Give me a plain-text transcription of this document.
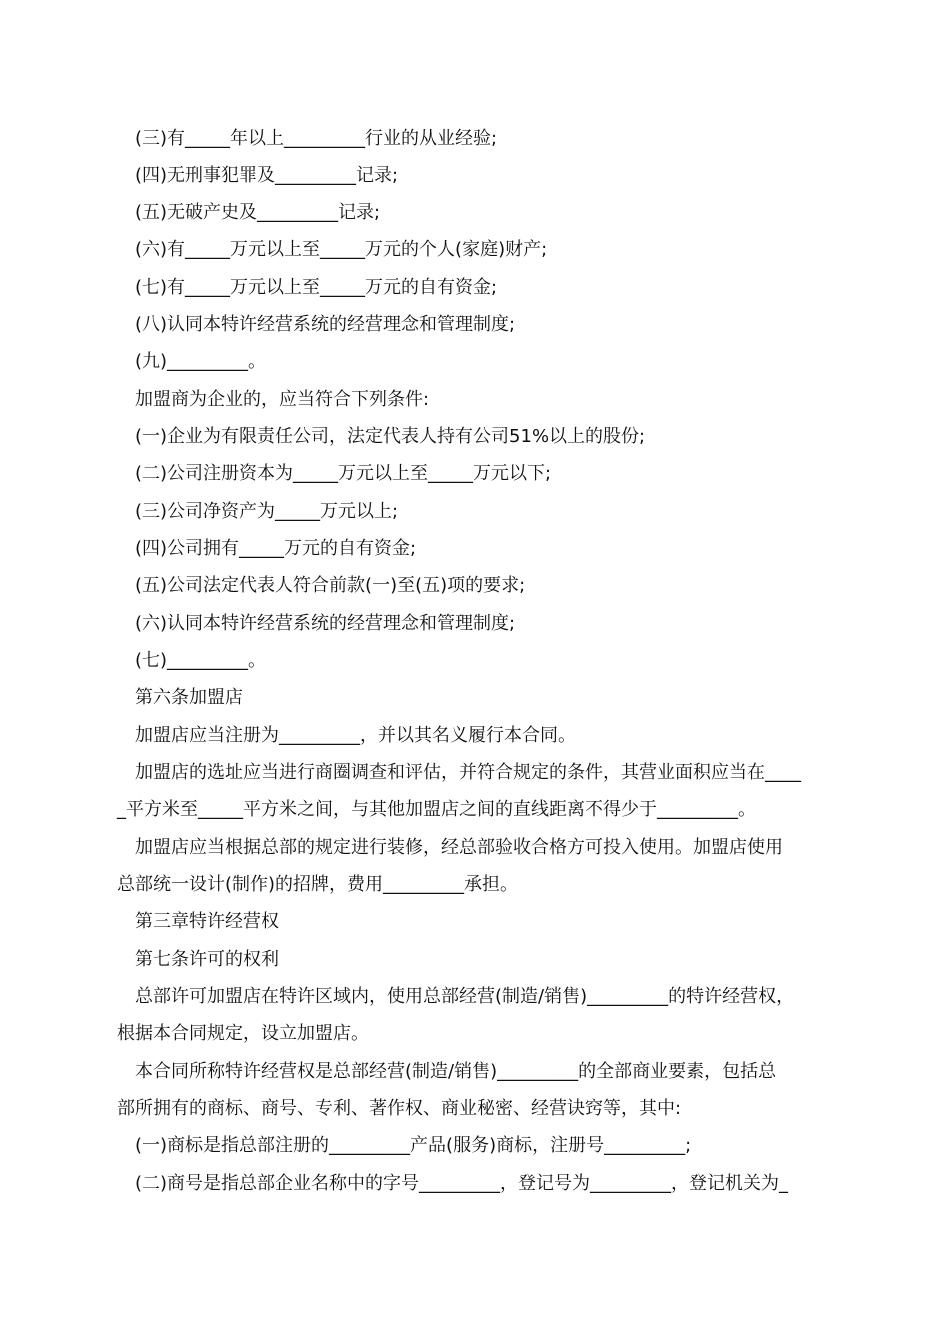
(三)有_____年以上_________行业的从业经验;
(四)无刑事犯罪及_________记录;
(五)无破产史及_________记录;
(六)有_____万元以上至_____万元的个人(家庭)财产;
(七)有_____万元以上至_____万元的自有资金;
(八)认同本特许经营系统的经营理念和管理制度;
(九)_________。
加盟商为企业的，应当符合下列条件:
(一)企业为有限责任公司，法定代表人持有公司51%以上的股份;
(二)公司注册资本为_____万元以上至_____万元以下;
(三)公司净资产为_____万元以上;
(四)公司拥有_____万元的自有资金;
(五)公司法定代表人符合前款(一)至(五)项的要求;
(六)认同本特许经营系统的经营理念和管理制度;
(七)_________。
第六条加盟店
加盟店应当注册为_________，并以其名义履行本合同。
加盟店的选址应当进行商圈调查和评估，并符合规定的条件，其营业面积应当在____
_平方米至_____平方米之间，与其他加盟店之间的直线距离不得少于_________。
加盟店应当根据总部的规定进行装修，经总部验收合格方可投入使用。加盟店使用
总部统一设计(制作)的招牌，费用_________承担。
第三章特许经营权
第七条许可的权利
总部许可加盟店在特许区域内，使用总部经营(制造/销售)_________的特许经营权，
根据本合同规定，设立加盟店。
本合同所称特许经营权是总部经营(制造/销售)_________的全部商业要素，包括总
部所拥有的商标、商号、专利、著作权、商业秘密、经营诀窍等，其中:
(一)商标是指总部注册的_________产品(服务)商标，注册号_________;
(二)商号是指总部企业名称中的字号_________，登记号为_________，登记机关为_
